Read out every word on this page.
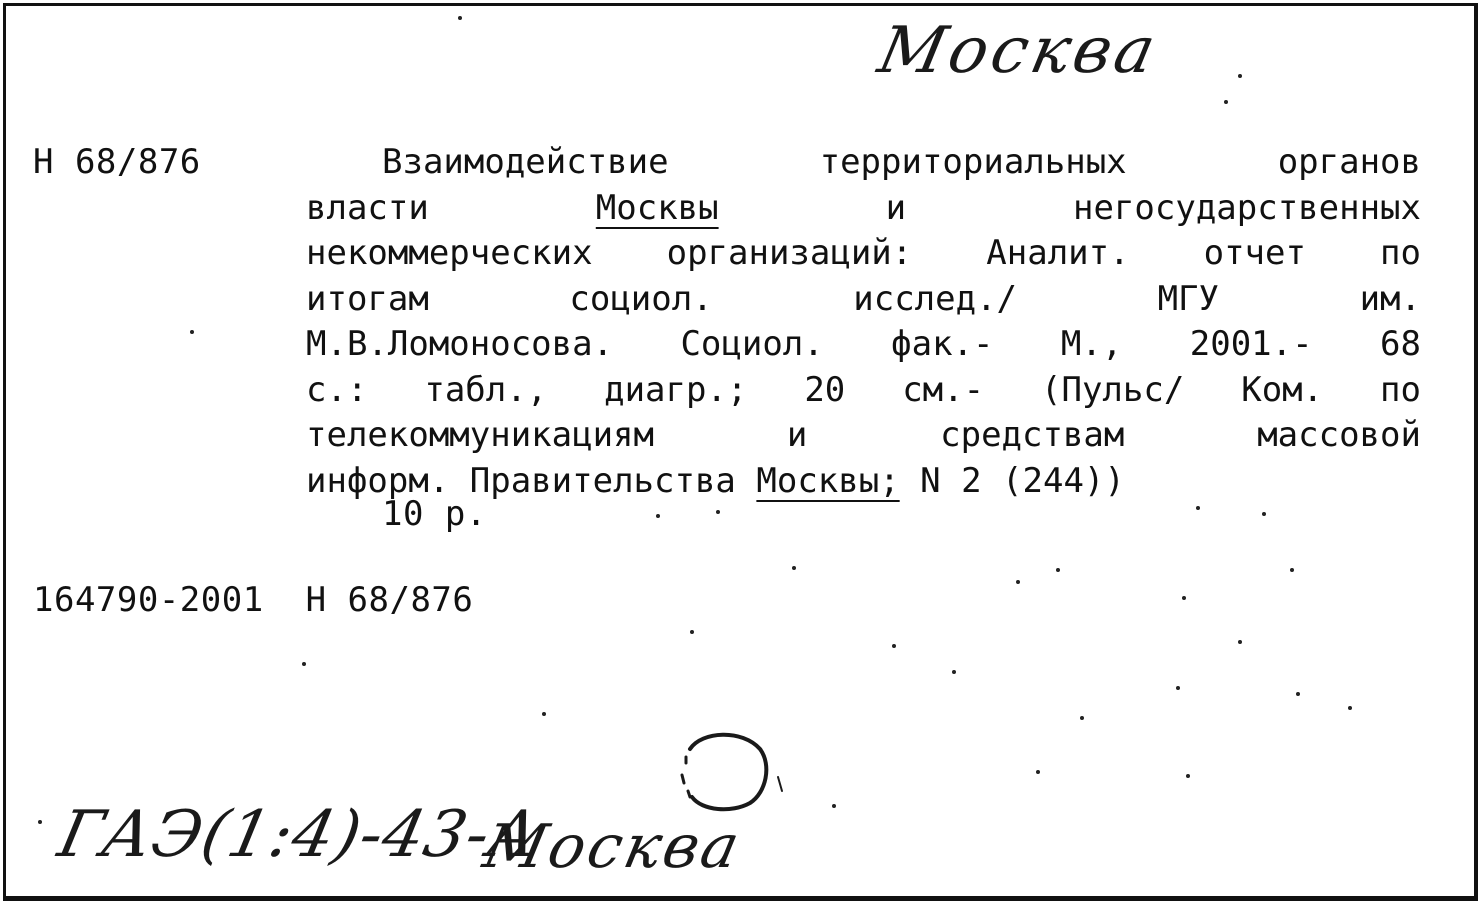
Москва
Н 68/876	Взаимодействие	территориальных	органов
власти	Москвы	и	негосударственных
некоммерческих организаций: Аналит. отчет по
итогам	социол.	исслед./	МГУ	им.
М.В.Ломоносова. Социол. фак.- М., 2001.- 68
с.: табл., диагр.; 20 см.- (Пульс/ Ком. по
телекоммуникациям	и	средствам	массовой
информ.
Правительства
Москвы;
N 2 (244))
10 р.
164790-2001  Н 68/876
ГАЭ(1:4)-43-А
Москва
